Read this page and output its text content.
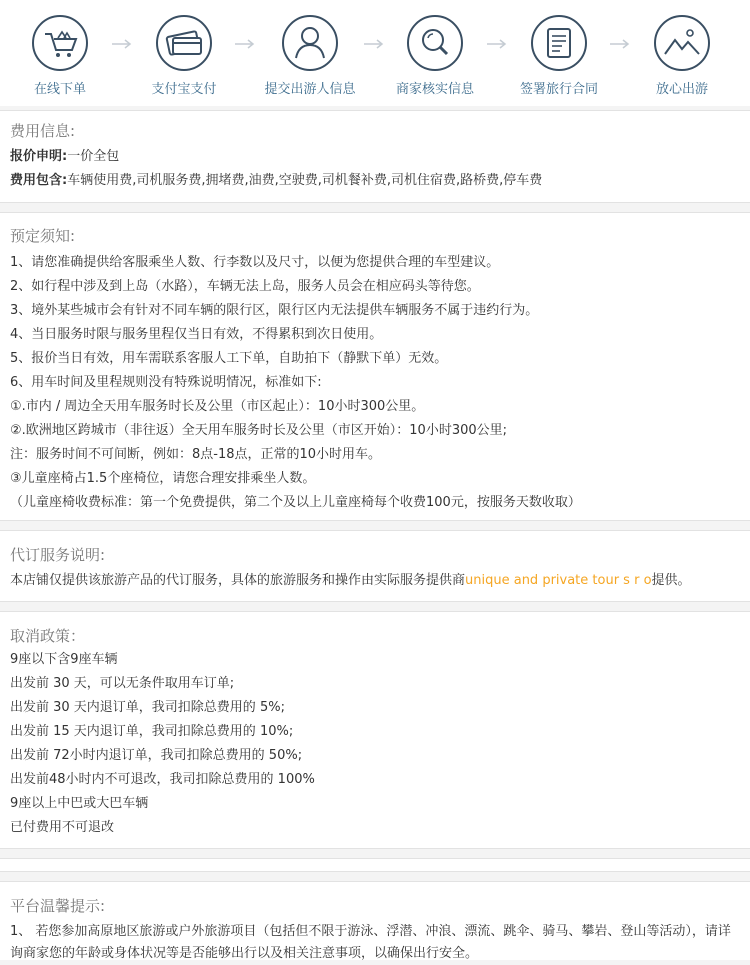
在线下单	支付宝支付	提交出游人信息	商家核实信息	签署旅行合同	放心出游
费用信息:
报价申明:一价全包
费用包含:车辆使用费,司机服务费,拥堵费,油费,空驶费,司机餐补费,司机住宿费,路桥费,停车费
预定须知:
1、请您准确提供给客服乘坐人数、行李数以及尺寸，以便为您提供合理的车型建议。
2、如行程中涉及到上岛（水路），车辆无法上岛，服务人员会在相应码头等待您。
3、境外某些城市会有针对不同车辆的限行区，限行区内无法提供车辆服务不属于违约行为。
4、当日服务时限与服务里程仅当日有效，不得累积到次日使用。
5、报价当日有效，用车需联系客服人工下单，自助拍下（静默下单）无效。
6、用车时间及里程规则没有特殊说明情况，标准如下:
①.市内 / 周边全天用车服务时长及公里（市区起止）：10小时300公里。
②.欧洲地区跨城市（非往返）全天用车服务时长及公里（市区开始）：10小时300公里;
注：服务时间不可间断，例如：8点-18点，正常的10小时用车。
③儿童座椅占1.5个座椅位，请您合理安排乘坐人数。
（儿童座椅收费标准：第一个免费提供，第二个及以上儿童座椅每个收费100元，按服务天数收取）
代订服务说明:
本店铺仅提供该旅游产品的代订服务，具体的旅游服务和操作由实际服务提供商unique and private tour s r o提供。
取消政策：
9座以下含9座车辆
出发前 30 天，可以无条件取用车订单;
出发前 30 天内退订单，我司扣除总费用的 5%;
出发前 15 天内退订单，我司扣除总费用的 10%;
出发前 72小时内退订单，我司扣除总费用的 50%;
出发前48小时内不可退改，我司扣除总费用的 100%
9座以上中巴或大巴车辆
已付费用不可退改
平台温馨提示:
1、 若您参加高原地区旅游或户外旅游项目（包括但不限于游泳、浮潜、冲浪、漂流、跳伞、骑马、攀岩、登山等活动），请详询商家您的年龄或身体状况等是否能够出行以及相关注意事项，以确保出行安全。
